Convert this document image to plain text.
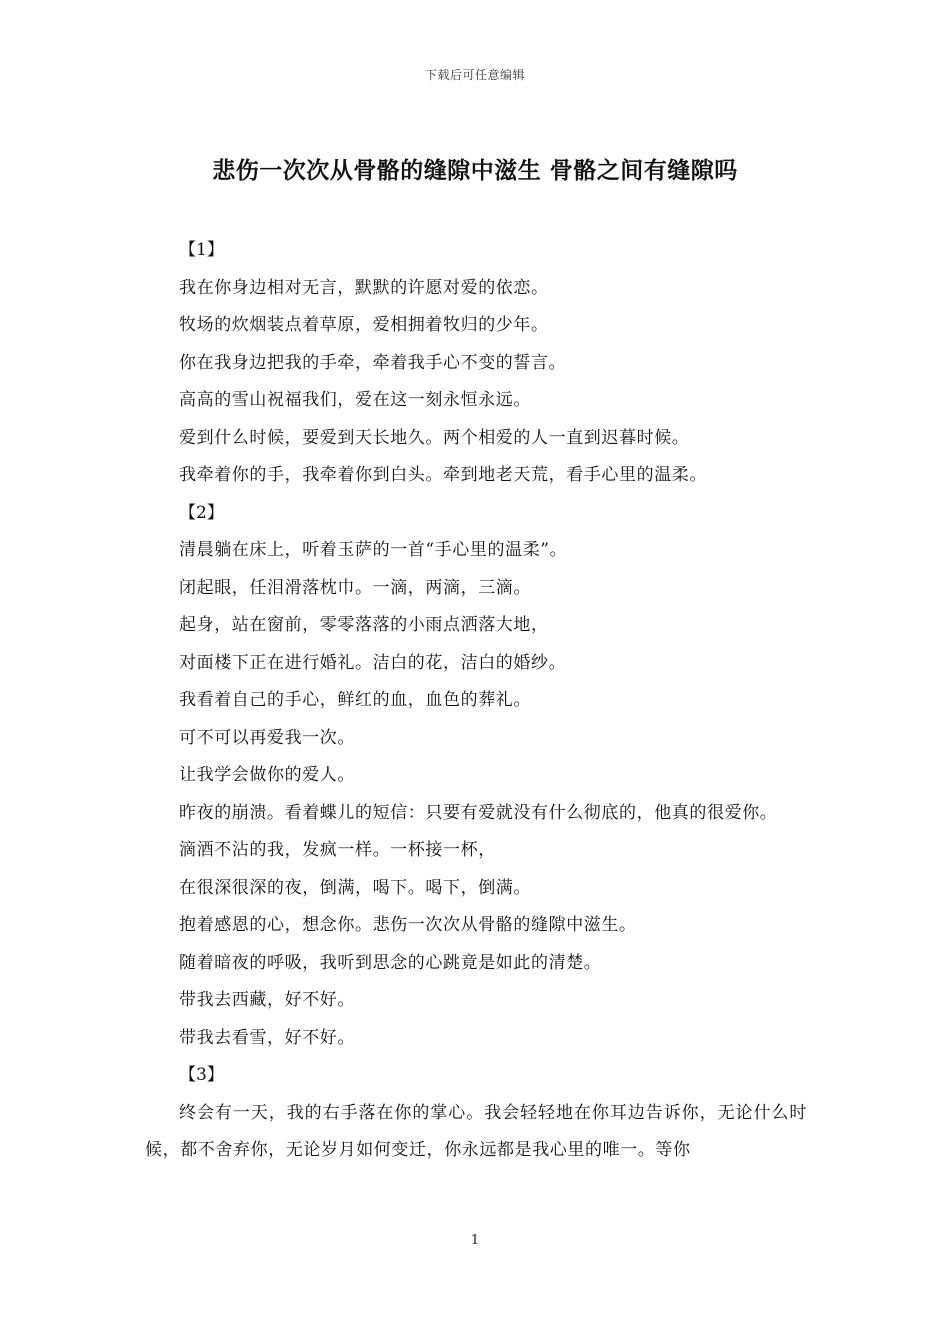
下载后可任意编辑
悲伤一次次从骨骼的缝隙中滋生 骨骼之间有缝隙吗

【1】

我在你身边相对无言，默默的许愿对爱的依恋。

牧场的炊烟装点着草原，爱相拥着牧归的少年。

你在我身边把我的手牵，牵着我手心不变的誓言。

高高的雪山祝福我们，爱在这一刻永恒永远。

爱到什么时候，要爱到天长地久。两个相爱的人一直到迟暮时候。

我牵着你的手，我牵着你到白头。牵到地老天荒，看手心里的温柔。

【2】

清晨躺在床上，听着玉萨的一首“手心里的温柔”。

闭起眼，任泪滑落枕巾。一滴，两滴，三滴。

起身，站在窗前，零零落落的小雨点洒落大地，

对面楼下正在进行婚礼。洁白的花，洁白的婚纱。

我看着自己的手心，鲜红的血，血色的葬礼。

可不可以再爱我一次。

让我学会做你的爱人。

昨夜的崩溃。看着蝶儿的短信：只要有爱就没有什么彻底的，他真的很爱你。

滴酒不沾的我，发疯一样。一杯接一杯，

在很深很深的夜，倒满，喝下。喝下，倒满。

抱着感恩的心，想念你。悲伤一次次从骨骼的缝隙中滋生。

随着暗夜的呼吸，我听到思念的心跳竟是如此的清楚。

带我去西藏，好不好。

带我去看雪，好不好。

【3】

终会有一天，我的右手落在你的掌心。我会轻轻地在你耳边告诉你，无论什么时候，都不舍弃你，无论岁月如何变迁，你永远都是我心里的唯一。等你

1
